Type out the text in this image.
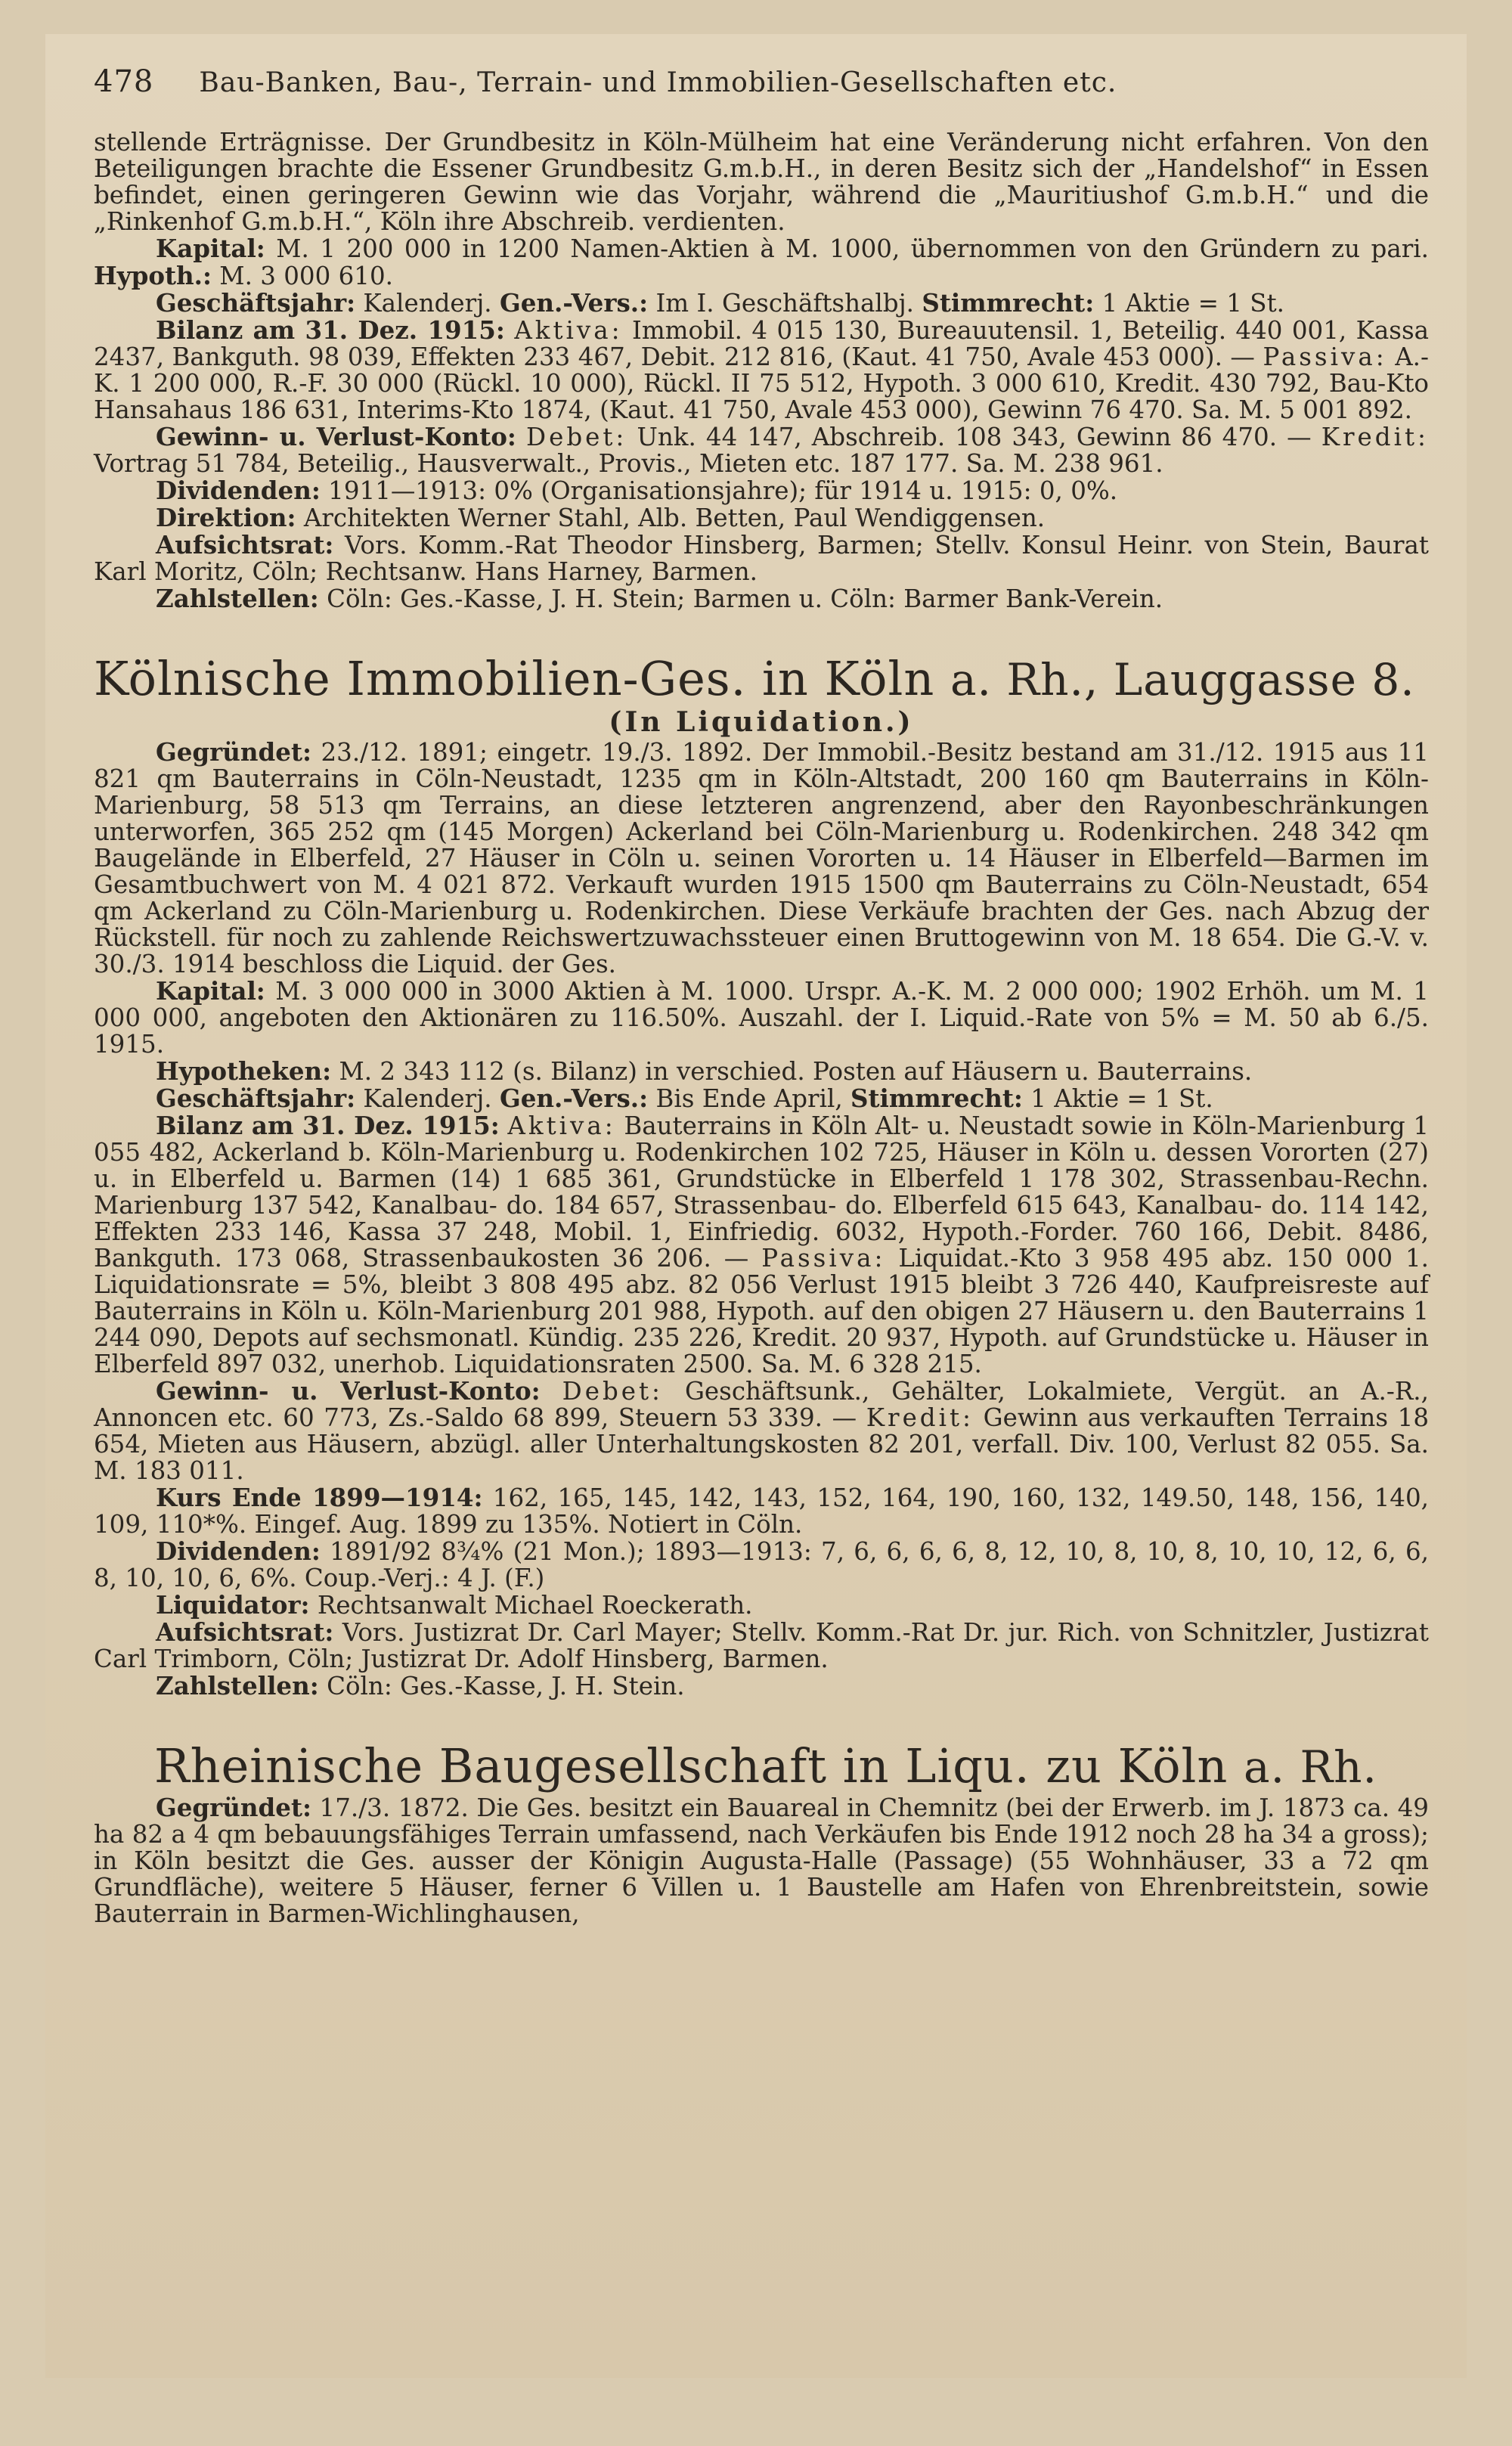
478 Bau-Banken, Bau-, Terrain- und Immobilien-Gesellschaften etc.

stellende Erträgnisse. Der Grundbesitz in Köln-Mülheim hat eine Veränderung nicht erfahren. Von den Beteiligungen brachte die Essener Grundbesitz G.m.b.H., in deren Besitz sich der „Handelshof“ in Essen befindet, einen geringeren Gewinn wie das Vorjahr, während die „Mauritiushof G.m.b.H.“ und die „Rinkenhof G.m.b.H.“, Köln ihre Abschreib. verdienten.

Kapital: M. 1 200 000 in 1200 Namen-Aktien à M. 1000, übernommen von den Gründern zu pari. Hypoth.: M. 3 000 610.

Geschäftsjahr: Kalenderj. Gen.-Vers.: Im I. Geschäftshalbj. Stimmrecht: 1 Aktie = 1 St.

Bilanz am 31. Dez. 1915: Aktiva: Immobil. 4 015 130, Bureauutensil. 1, Beteilig. 440 001, Kassa 2437, Bankguth. 98 039, Effekten 233 467, Debit. 212 816, (Kaut. 41 750, Avale 453 000). — Passiva: A.-K. 1 200 000, R.-F. 30 000 (Rückl. 10 000), Rückl. II 75 512, Hypoth. 3 000 610, Kredit. 430 792, Bau-Kto Hansahaus 186 631, Interims-Kto 1874, (Kaut. 41 750, Avale 453 000), Gewinn 76 470. Sa. M. 5 001 892.

Gewinn- u. Verlust-Konto: Debet: Unk. 44 147, Abschreib. 108 343, Gewinn 86 470. — Kredit: Vortrag 51 784, Beteilig., Hausverwalt., Provis., Mieten etc. 187 177. Sa. M. 238 961.

Dividenden: 1911—1913: 0% (Organisationsjahre); für 1914 u. 1915: 0, 0%.

Direktion: Architekten Werner Stahl, Alb. Betten, Paul Wendiggensen.

Aufsichtsrat: Vors. Komm.-Rat Theodor Hinsberg, Barmen; Stellv. Konsul Heinr. von Stein, Baurat Karl Moritz, Cöln; Rechtsanw. Hans Harney, Barmen.

Zahlstellen: Cöln: Ges.-Kasse, J. H. Stein; Barmen u. Cöln: Barmer Bank-Verein.

Kölnische Immobilien-Ges. in Köln a. Rh., Lauggasse 8.
(In Liquidation.)

Gegründet: 23./12. 1891; eingetr. 19./3. 1892. Der Immobil.-Besitz bestand am 31./12. 1915 aus 11 821 qm Bauterrains in Cöln-Neustadt, 1235 qm in Köln-Altstadt, 200 160 qm Bauterrains in Köln-Marienburg, 58 513 qm Terrains, an diese letzteren angrenzend, aber den Rayonbeschränkungen unterworfen, 365 252 qm (145 Morgen) Ackerland bei Cöln-Marienburg u. Rodenkirchen. 248 342 qm Baugelände in Elberfeld, 27 Häuser in Cöln u. seinen Vororten u. 14 Häuser in Elberfeld—Barmen im Gesamtbuchwert von M. 4 021 872. Verkauft wurden 1915 1500 qm Bauterrains zu Cöln-Neustadt, 654 qm Ackerland zu Cöln-Marienburg u. Rodenkirchen. Diese Verkäufe brachten der Ges. nach Abzug der Rückstell. für noch zu zahlende Reichswertzuwachssteuer einen Bruttogewinn von M. 18 654. Die G.-V. v. 30./3. 1914 beschloss die Liquid. der Ges.

Kapital: M. 3 000 000 in 3000 Aktien à M. 1000. Urspr. A.-K. M. 2 000 000; 1902 Erhöh. um M. 1 000 000, angeboten den Aktionären zu 116.50%. Auszahl. der I. Liquid.-Rate von 5% = M. 50 ab 6./5. 1915.

Hypotheken: M. 2 343 112 (s. Bilanz) in verschied. Posten auf Häusern u. Bauterrains.

Geschäftsjahr: Kalenderj. Gen.-Vers.: Bis Ende April, Stimmrecht: 1 Aktie = 1 St.

Bilanz am 31. Dez. 1915: Aktiva: Bauterrains in Köln Alt- u. Neustadt sowie in Köln-Marienburg 1 055 482, Ackerland b. Köln-Marienburg u. Rodenkirchen 102 725, Häuser in Köln u. dessen Vororten (27) u. in Elberfeld u. Barmen (14) 1 685 361, Grundstücke in Elberfeld 1 178 302, Strassenbau-Rechn. Marienburg 137 542, Kanalbau- do. 184 657, Strassenbau- do. Elberfeld 615 643, Kanalbau- do. 114 142, Effekten 233 146, Kassa 37 248, Mobil. 1, Einfriedig. 6032, Hypoth.-Forder. 760 166, Debit. 8486, Bankguth. 173 068, Strassenbaukosten 36 206. — Passiva: Liquidat.-Kto 3 958 495 abz. 150 000 1. Liquidationsrate = 5%, bleibt 3 808 495 abz. 82 056 Verlust 1915 bleibt 3 726 440, Kaufpreisreste auf Bauterrains in Köln u. Köln-Marienburg 201 988, Hypoth. auf den obigen 27 Häusern u. den Bauterrains 1 244 090, Depots auf sechsmonatl. Kündig. 235 226, Kredit. 20 937, Hypoth. auf Grundstücke u. Häuser in Elberfeld 897 032, unerhob. Liquidationsraten 2500. Sa. M. 6 328 215.

Gewinn- u. Verlust-Konto: Debet: Geschäftsunk., Gehälter, Lokalmiete, Vergüt. an A.-R., Annoncen etc. 60 773, Zs.-Saldo 68 899, Steuern 53 339. — Kredit: Gewinn aus verkauften Terrains 18 654, Mieten aus Häusern, abzügl. aller Unterhaltungskosten 82 201, verfall. Div. 100, Verlust 82 055. Sa. M. 183 011.

Kurs Ende 1899—1914: 162, 165, 145, 142, 143, 152, 164, 190, 160, 132, 149.50, 148, 156, 140, 109, 110*%. Eingef. Aug. 1899 zu 135%. Notiert in Cöln.

Dividenden: 1891/92 8¾% (21 Mon.); 1893—1913: 7, 6, 6, 6, 6, 8, 12, 10, 8, 10, 8, 10, 10, 12, 6, 6, 8, 10, 10, 6, 6%. Coup.-Verj.: 4 J. (F.)

Liquidator: Rechtsanwalt Michael Roeckerath.

Aufsichtsrat: Vors. Justizrat Dr. Carl Mayer; Stellv. Komm.-Rat Dr. jur. Rich. von Schnitzler, Justizrat Carl Trimborn, Cöln; Justizrat Dr. Adolf Hinsberg, Barmen.

Zahlstellen: Cöln: Ges.-Kasse, J. H. Stein.

Rheinische Baugesellschaft in Liqu. zu Köln a. Rh.

Gegründet: 17./3. 1872. Die Ges. besitzt ein Bauareal in Chemnitz (bei der Erwerb. im J. 1873 ca. 49 ha 82 a 4 qm bebauungsfähiges Terrain umfassend, nach Verkäufen bis Ende 1912 noch 28 ha 34 a gross); in Köln besitzt die Ges. ausser der Königin Augusta-Halle (Passage) (55 Wohnhäuser, 33 a 72 qm Grundfläche), weitere 5 Häuser, ferner 6 Villen u. 1 Baustelle am Hafen von Ehrenbreitstein, sowie Bauterrain in Barmen-Wichlinghausen,
